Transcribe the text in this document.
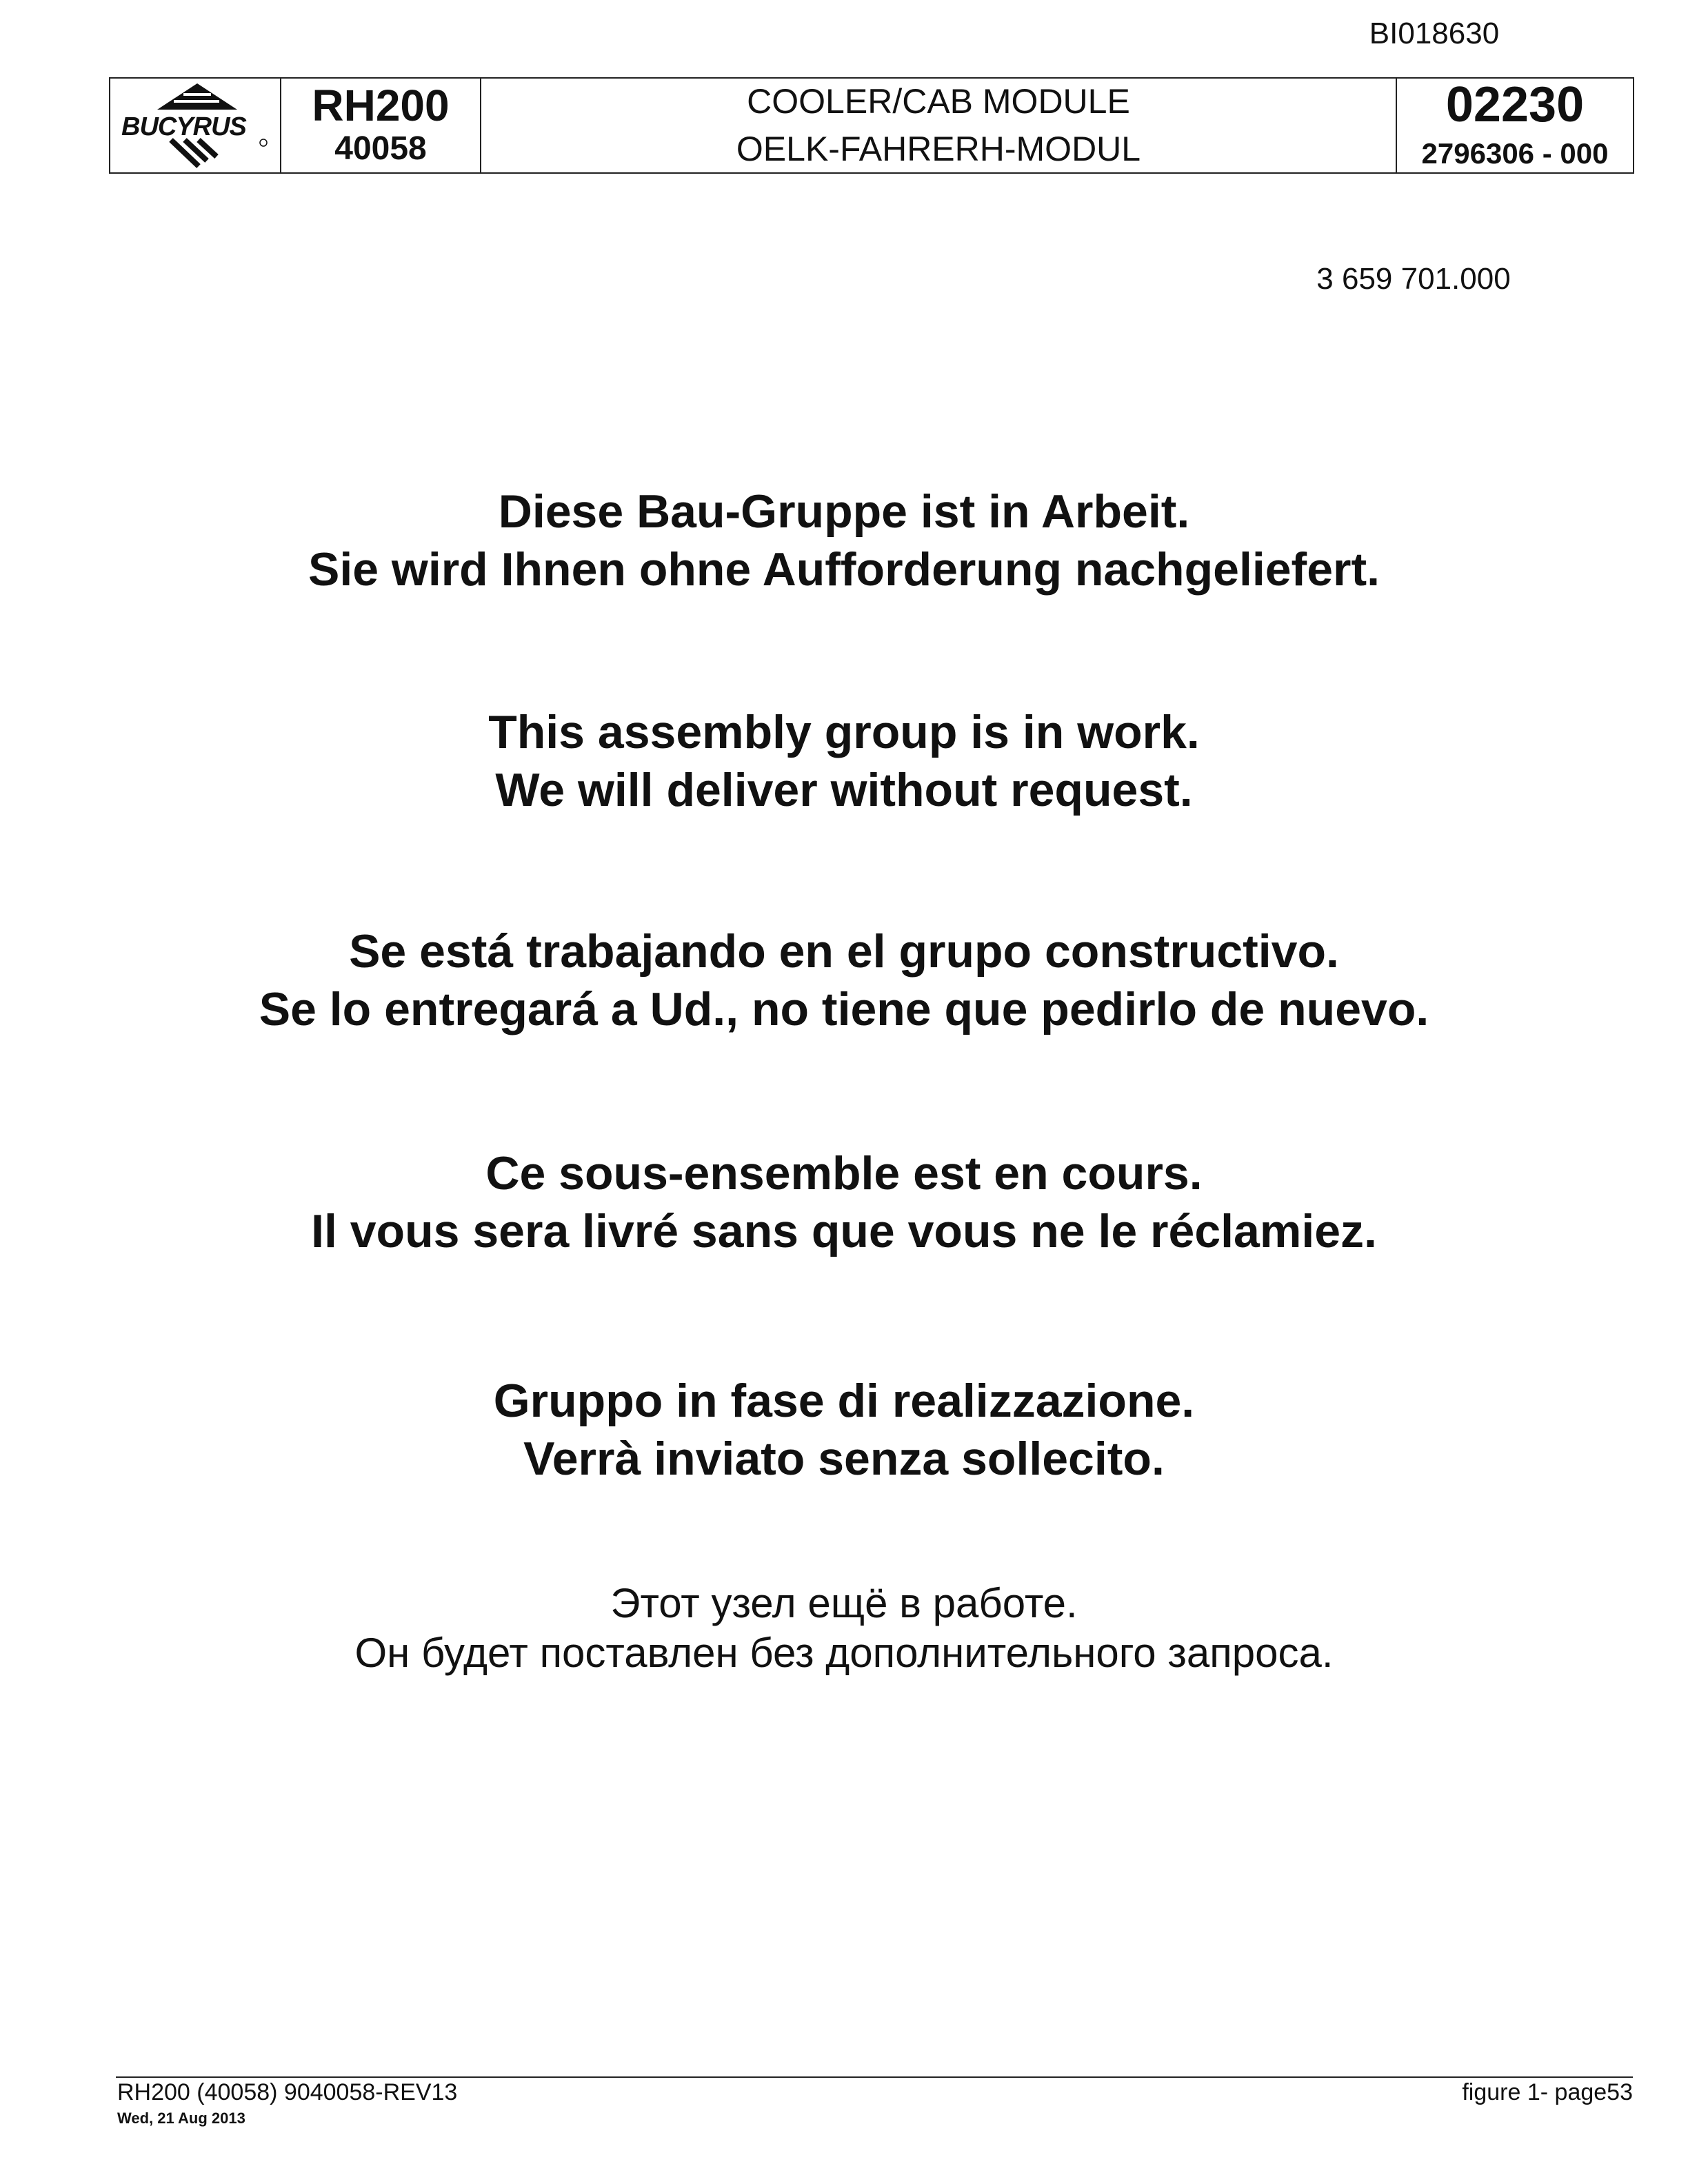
BI018630
BUCYRUS RH200
40058
COOLER/CAB MODULE
OELK-FAHRERH-MODUL
02230
2796306 - 000
3 659 701.000
Diese Bau-Gruppe ist in Arbeit.
Sie wird Ihnen ohne Aufforderung nachgeliefert.
This assembly group is in work.
We will deliver without request.
Se está trabajando en el grupo constructivo.
Se lo entregará a Ud., no tiene que pedirlo de nuevo.
Ce sous-ensemble est en cours.
Il vous sera livré sans que vous ne le réclamiez.
Gruppo in fase di realizzazione.
Verrà inviato senza sollecito.
Этот узел ещё в работе.
Он будет поставлен без дополнительного запроса.
RH200 (40058) 9040058-REV13
Wed, 21 Aug 2013
figure 1- page53
